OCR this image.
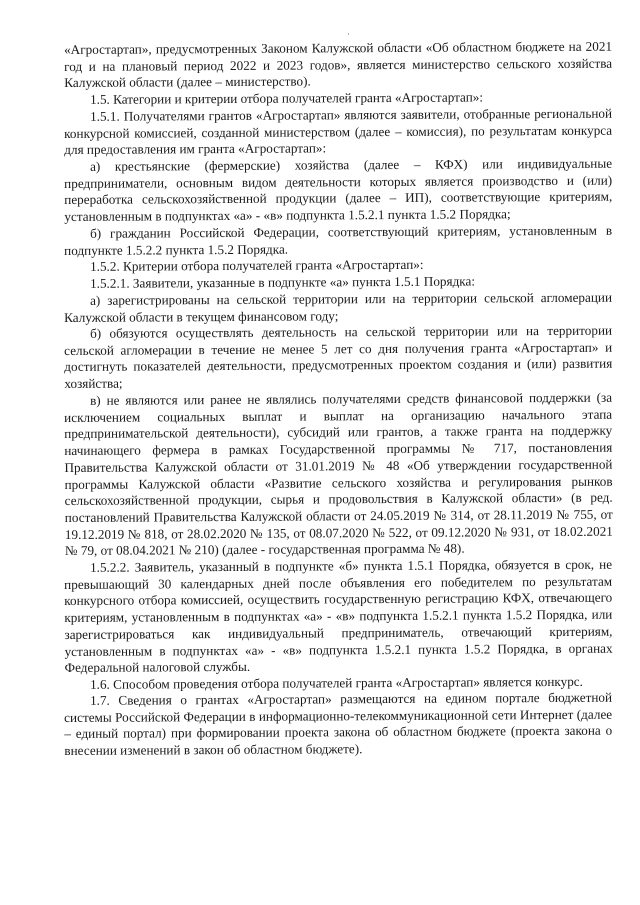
·

«Агростартап», предусмотренных Законом Калужской области «Об областном бюджете на 2021 год и на плановый период 2022 и 2023 годов», является министерство сельского хозяйства Калужской области (далее – министерство).

1.5. Категории и критерии отбора получателей гранта «Агростартап»:

1.5.1. Получателями грантов «Агростартап» являются заявители, отобранные региональной конкурсной комиссией, созданной министерством (далее – комиссия), по результатам конкурса для предоставления им гранта «Агростартап»:

а) крестьянские (фермерские) хозяйства (далее – КФХ) или индивидуальные предприниматели, основным видом деятельности которых является производство и (или) переработка сельскохозяйственной продукции (далее – ИП), соответствующие критериям, установленным в подпунктах «а» - «в» подпункта 1.5.2.1 пункта 1.5.2 Порядка;

б) гражданин Российской Федерации, соответствующий критериям, установленным в подпункте 1.5.2.2 пункта 1.5.2 Порядка.

1.5.2. Критерии отбора получателей гранта «Агростартап»:

1.5.2.1. Заявители, указанные в подпункте «а» пункта 1.5.1 Порядка:

а) зарегистрированы на сельской территории или на территории сельской агломерации Калужской области в текущем финансовом году;

б) обязуются осуществлять деятельность на сельской территории или на территории сельской агломерации в течение не менее 5 лет со дня получения гранта «Агростартап» и достигнуть показателей деятельности, предусмотренных проектом создания и (или) развития хозяйства;

в) не являются или ранее не являлись получателями средств финансовой поддержки (за исключением социальных выплат и выплат на организацию начального этапа предпринимательской деятельности), субсидий или грантов, а также гранта на поддержку начинающего фермера в рамках Государственной программы № 717, постановления Правительства Калужской области от 31.01.2019 № 48 «Об утверждении государственной программы Калужской области «Развитие сельского хозяйства и регулирования рынков сельскохозяйственной продукции, сырья и продовольствия в Калужской области» (в ред. постановлений Правительства Калужской области от 24.05.2019 № 314, от 28.11.2019 № 755, от 19.12.2019 № 818, от 28.02.2020 № 135, от 08.07.2020 № 522, от 09.12.2020 № 931, от 18.02.2021 № 79, от 08.04.2021 № 210) (далее - государственная программа № 48).

1.5.2.2. Заявитель, указанный в подпункте «б» пункта 1.5.1 Порядка, обязуется в срок, не превышающий 30 календарных дней после объявления его победителем по результатам конкурсного отбора комиссией, осуществить государственную регистрацию КФХ, отвечающего критериям, установленным в подпунктах «а» - «в» подпункта 1.5.2.1 пункта 1.5.2 Порядка, или зарегистрироваться как индивидуальный предприниматель, отвечающий критериям, установленным в подпунктах «а» - «в» подпункта 1.5.2.1 пункта 1.5.2 Порядка, в органах Федеральной налоговой службы.

1.6. Способом проведения отбора получателей гранта «Агростартап» является конкурс.

1.7. Сведения о грантах «Агростартап» размещаются на едином портале бюджетной системы Российской Федерации в информационно-телекоммуникационной сети Интернет (далее – единый портал) при формировании проекта закона об областном бюджете (проекта закона о внесении изменений в закон об областном бюджете).
